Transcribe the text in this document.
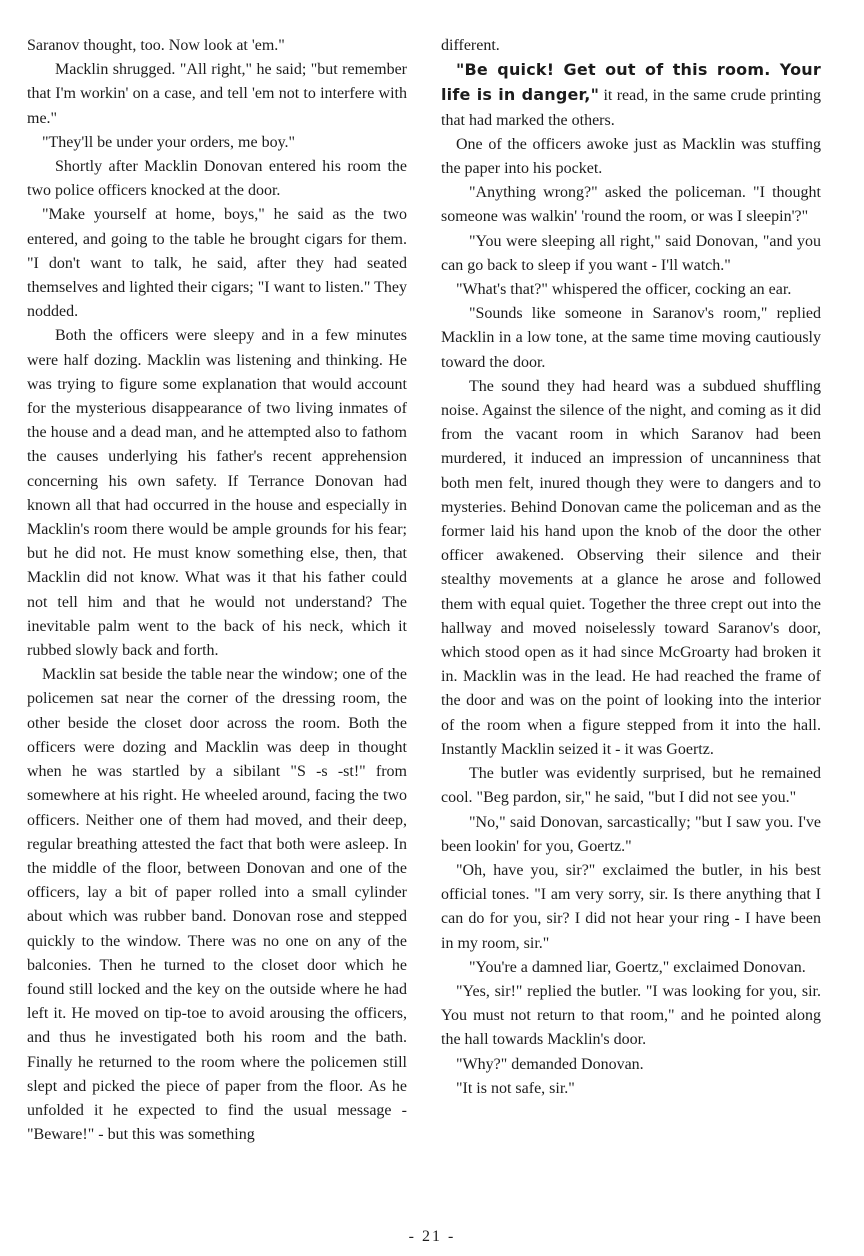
Saranov thought, too. Now look at 'em."

Macklin shrugged. "All right," he said; "but remember that I'm workin' on a case, and tell 'em not to interfere with me."

"They'll be under your orders, me boy."

Shortly after Macklin Donovan entered his room the two police officers knocked at the door.

"Make yourself at home, boys," he said as the two entered, and going to the table he brought cigars for them. "I don't want to talk, he said, after they had seated themselves and lighted their cigars; "I want to listen." They nodded.

Both the officers were sleepy and in a few minutes were half dozing. Macklin was listening and thinking. He was trying to figure some explanation that would account for the mysterious disappearance of two living inmates of the house and a dead man, and he attempted also to fathom the causes underlying his father's recent apprehension concerning his own safety. If Terrance Donovan had known all that had occurred in the house and especially in Macklin's room there would be ample grounds for his fear; but he did not. He must know something else, then, that Macklin did not know. What was it that his father could not tell him and that he would not understand? The inevitable palm went to the back of his neck, which it rubbed slowly back and forth.

Macklin sat beside the table near the window; one of the policemen sat near the corner of the dressing room, the other beside the closet door across the room. Both the officers were dozing and Macklin was deep in thought when he was startled by a sibilant "S -s -st!" from somewhere at his right. He wheeled around, facing the two officers. Neither one of them had moved, and their deep, regular breathing attested the fact that both were asleep. In the middle of the floor, between Donovan and one of the officers, lay a bit of paper rolled into a small cylinder about which was rubber band. Donovan rose and stepped quickly to the window. There was no one on any of the balconies. Then he turned to the closet door which he found still locked and the key on the outside where he had left it. He moved on tip-toe to avoid arousing the officers, and thus he investigated both his room and the bath. Finally he returned to the room where the policemen still slept and picked the piece of paper from the floor. As he unfolded it he expected to find the usual message - "Beware!" - but this was something

different.

"Be quick! Get out of this room. Your life is in danger," it read, in the same crude printing that had marked the others.

One of the officers awoke just as Macklin was stuffing the paper into his pocket.

"Anything wrong?" asked the policeman. "I thought someone was walkin' 'round the room, or was I sleepin'?"

"You were sleeping all right," said Donovan, "and you can go back to sleep if you want - I'll watch."

"What's that?" whispered the officer, cocking an ear.

"Sounds like someone in Saranov's room," replied Macklin in a low tone, at the same time moving cautiously toward the door.

The sound they had heard was a subdued shuffling noise. Against the silence of the night, and coming as it did from the vacant room in which Saranov had been murdered, it induced an impression of uncanniness that both men felt, inured though they were to dangers and to mysteries. Behind Donovan came the policeman and as the former laid his hand upon the knob of the door the other officer awakened. Observing their silence and their stealthy movements at a glance he arose and followed them with equal quiet. Together the three crept out into the hallway and moved noiselessly toward Saranov's door, which stood open as it had since McGroarty had broken it in. Macklin was in the lead. He had reached the frame of the door and was on the point of looking into the interior of the room when a figure stepped from it into the hall. Instantly Macklin seized it - it was Goertz.

The butler was evidently surprised, but he remained cool. "Beg pardon, sir," he said, "but I did not see you."

"No," said Donovan, sarcastically; "but I saw you. I've been lookin' for you, Goertz."

"Oh, have you, sir?" exclaimed the butler, in his best official tones. "I am very sorry, sir. Is there anything that I can do for you, sir? I did not hear your ring - I have been in my room, sir."

"You're a damned liar, Goertz," exclaimed Donovan.

"Yes, sir!" replied the butler. "I was looking for you, sir. You must not return to that room," and he pointed along the hall towards Macklin's door.

"Why?" demanded Donovan.

"It is not safe, sir."

- 21 -
